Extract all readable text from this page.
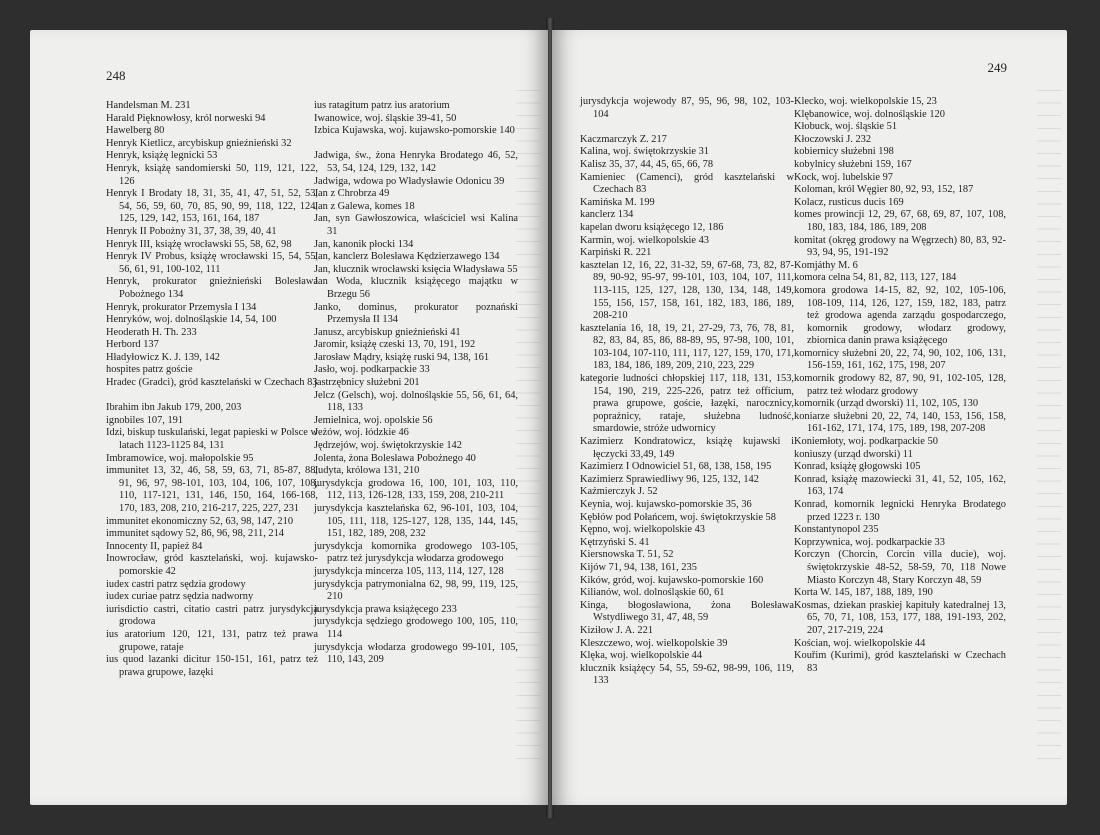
248

Handelsman M. 231

Harald Pięknowłosy, król norweski 94

Hawelberg 80

Henryk Kietlicz, arcybiskup gnieźnieński 32

Henryk, książę legnicki 53

Henryk, książę sandomierski 50, 119, 121, 122, 126

Henryk I Brodaty 18, 31, 35, 41, 47, 51, 52, 53, 54, 56, 59, 60, 70, 85, 90, 99, 118, 122, 124, 125, 129, 142, 153, 161, 164, 187

Henryk II Pobożny 31, 37, 38, 39, 40, 41

Henryk III, książę wrocławski 55, 58, 62, 98

Henryk IV Probus, książę wrocławski 15, 54, 55, 56, 61, 91, 100-102, 111

Henryk, prokurator gnieźnieński Bolesława Pobożnego 134

Henryk, prokurator Przemysła I 134

Henryków, woj. dolnośląskie 14, 54, 100

Heoderath H. Th. 233

Herbord 137

Hładyłowicz K. J. 139, 142

hospites patrz goście

Hradec (Gradci), gród kasztelański w Czechach 83

Ibrahim ibn Jakub 179, 200, 203

ignobiles 107, 191

Idzi, biskup tuskulański, legat papieski w Polsce w latach 1123-1125 84, 131

Imbramowice, woj. małopolskie 95

immunitet 13, 32, 46, 58, 59, 63, 71, 85-87, 88, 91, 96, 97, 98-101, 103, 104, 106, 107, 108, 110, 117-121, 131, 146, 150, 164, 166-168, 170, 183, 208, 210, 216-217, 225, 227, 231

immunitet ekonomiczny 52, 63, 98, 147, 210

immunitet sądowy 52, 86, 96, 98, 211, 214

Innocenty II, papież 84

Inowrocław, gród kasztelański, woj. kujawsko-pomorskie 42

iudex castri patrz sędzia grodowy

iudex curiae patrz sędzia nadworny

iurisdictio castri, citatio castri patrz jurysdykcja grodowa

ius aratorium 120, 121, 131, patrz też prawa grupowe, rataje

ius quod lazanki dicitur 150-151, 161, patrz też prawa grupowe, łazęki

ius ratagitum patrz ius aratorium

Iwanowice, woj. śląskie 39-41, 50

Izbica Kujawska, woj. kujawsko-pomorskie 140

Jadwiga, św., żona Henryka Brodatego 46, 52, 53, 54, 124, 129, 132, 142

Jadwiga, wdowa po Władysławie Odonicu 39

Jan z Chrobrza 49

Jan z Galewa, komes 18

Jan, syn Gawłoszowica, właściciel wsi Kalina 31

Jan, kanonik płocki 134

Jan, kanclerz Bolesława Kędzierzawego 134

Jan, klucznik wrocławski księcia Władysława 55

Jan Woda, klucznik książęcego majątku w Brzegu 56

Janko, dominus, prokurator poznański Przemysła II 134

Janusz, arcybiskup gnieźnieński 41

Jaromir, książę czeski 13, 70, 191, 192

Jarosław Mądry, książę ruski 94, 138, 161

Jasło, woj. podkarpackie 33

jastrzębnicy służebni 201

Jelcz (Gelsch), woj. dolnośląskie 55, 56, 61, 64, 118, 133

Jemielnica, woj. opolskie 56

Jeżów, woj. łódzkie 46

Jędrzejów, woj. świętokrzyskie 142

Jolenta, żona Bolesława Pobożnego 40

Judyta, królowa 131, 210

jurysdykcja grodowa 16, 100, 101, 103, 110, 112, 113, 126-128, 133, 159, 208, 210-211

jurysdykcja kasztelańska 62, 96-101, 103, 104, 105, 111, 118, 125-127, 128, 135, 144, 145, 151, 182, 189, 208, 232

jurysdykcja komornika grodowego 103-105, patrz też jurysdykcja włodarza grodowego

jurysdykcja mincerza 105, 113, 114, 127, 128

jurysdykcja patrymonialna 62, 98, 99, 119, 125, 210

jurysdykcja prawa książęcego 233

jurysdykcja sędziego grodowego 100, 105, 110, 114

jurysdykcja włodarza grodowego 99-101, 105, 110, 143, 209

249

jurysdykcja wojewody 87, 95, 96, 98, 102, 103-104

Kaczmarczyk Z. 217

Kalina, woj. świętokrzyskie 31

Kalisz 35, 37, 44, 45, 65, 66, 78

Kamieniec (Camenci), gród kasztelański w Czechach 83

Kamińska M. 199

kanclerz 134

kapelan dworu książęcego 12, 186

Karmin, woj. wielkopolskie 43

Karpiński R. 221

kasztelan 12, 16, 22, 31-32, 59, 67-68, 73, 82, 87-89, 90-92, 95-97, 99-101, 103, 104, 107, 111, 113-115, 125, 127, 128, 130, 134, 148, 149, 155, 156, 157, 158, 161, 182, 183, 186, 189, 208-210

kasztelania 16, 18, 19, 21, 27-29, 73, 76, 78, 81, 82, 83, 84, 85, 86, 88-89, 95, 97-98, 100, 101, 103-104, 107-110, 111, 117, 127, 159, 170, 171, 183, 184, 186, 189, 209, 210, 223, 229

kategorie ludności chłopskiej 117, 118, 131, 153, 154, 190, 219, 225-226, patrz też officium, prawa grupowe, goście, łazęki, narocznicy, poprażnicy, rataje, służebna ludność, smardowie, stróże udwornicy

Kazimierz Kondratowicz, książę kujawski i łęczycki 33,49, 149

Kazimierz I Odnowiciel 51, 68, 138, 158, 195

Kazimierz Sprawiedliwy 96, 125, 132, 142

Kaźmierczyk J. 52

Keynia, woj. kujawsko-pomorskie 35, 36

Kębłów pod Połańcem, woj. świętokrzyskie 58

Kępno, woj. wielkopolskie 43

Kętrzyński S. 41

Kiersnowska T. 51, 52

Kijów 71, 94, 138, 161, 235

Kików, gród, woj. kujawsko-pomorskie 160

Kilianów, wol. dolnośląskie 60, 61

Kinga, błogosławiona, żona Bolesława Wstydliwego 31, 47, 48, 59

Kiziłow J. A. 221

Kleszczewo, woj. wielkopolskie 39

Klęka, woj. wielkopolskie 44

klucznik książęcy 54, 55, 59-62, 98-99, 106, 119, 133

Klecko, woj. wielkopolskie 15, 23

Klębanowice, woj. dolnośląskie 120

Kłobuck, woj. śląskie 51

Kłoczowski J. 232

kobiernicy służebni 198

kobylnicy służebni 159, 167

Kock, woj. lubelskie 97

Koloman, król Węgier 80, 92, 93, 152, 187

Kolacz, rusticus ducis 169

komes prowincji 12, 29, 67, 68, 69, 87, 107, 108, 180, 183, 184, 186, 189, 208

komitat (okręg grodowy na Węgrzech) 80, 83, 92-93, 94, 95, 191-192

Komjáthy M. 6

komora celna 54, 81, 82, 113, 127, 184

komora grodowa 14-15, 82, 92, 102, 105-106, 108-109, 114, 126, 127, 159, 182, 183, patrz też grodowa agenda zarządu gospodarczego, komornik grodowy, włodarz grodowy, zbiornica danin prawa książęcego

komornicy służebni 20, 22, 74, 90, 102, 106, 131, 156-159, 161, 162, 175, 198, 207

komornik grodowy 82, 87, 90, 91, 102-105, 128, patrz też włodarz grodowy

komornik (urząd dworski) 11, 102, 105, 130

koniarze służebni 20, 22, 74, 140, 153, 156, 158, 161-162, 171, 174, 175, 189, 198, 207-208

Koniemłoty, woj. podkarpackie 50

koniuszy (urząd dworski) 11

Konrad, książę głogowski 105

Konrad, książę mazowiecki 31, 41, 52, 105, 162, 163, 174

Konrad, komornik legnicki Henryka Brodatego przed 1223 r. 130

Konstantynopol 235

Koprzywnica, woj. podkarpackie 33

Korczyn (Chorcin, Corcin villa ducie), woj. świętokrzyskie 48-52, 58-59, 70, 118 Nowe Miasto Korczyn 48, Stary Korczyn 48, 59

Korta W. 145, 187, 188, 189, 190

Kosmas, dziekan praskiej kapituły katedralnej 13, 65, 70, 71, 108, 153, 177, 188, 191-193, 202, 207, 217-219, 224

Kościan, woj. wielkopolskie 44

Kouřim (Kurimi), gród kasztelański w Czechach 83
